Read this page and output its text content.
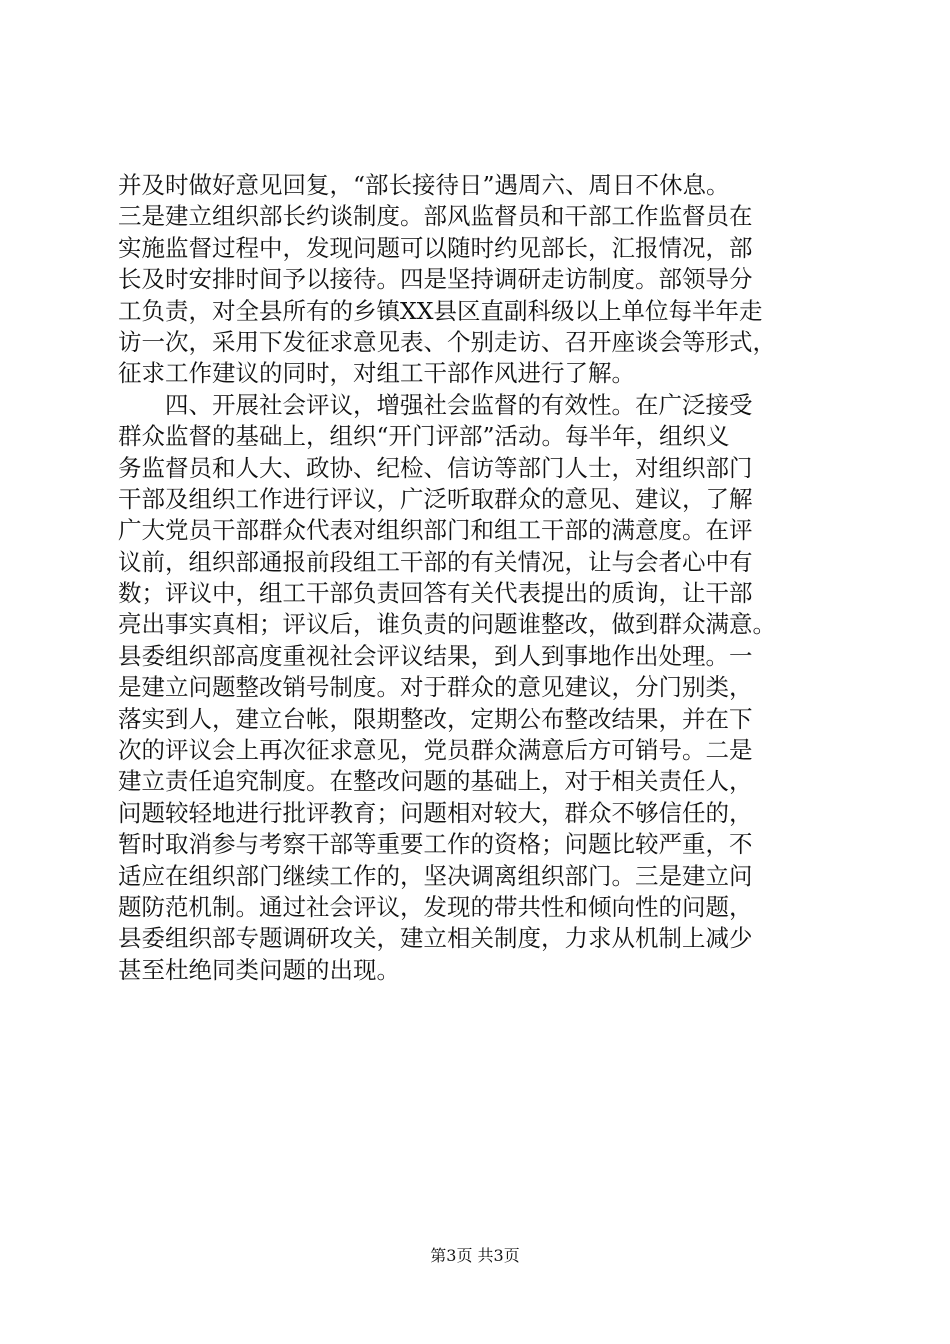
并及时做好意见回复，“部长接待日”遇周六、周日不休息。
三是建立组织部长约谈制度。部风监督员和干部工作监督员在
实施监督过程中，发现问题可以随时约见部长，汇报情况，部
长及时安排时间予以接待。四是坚持调研走访制度。部领导分
工负责，对全县所有的乡镇XX县区直副科级以上单位每半年走
访一次，采用下发征求意见表、个别走访、召开座谈会等形式，
征求工作建议的同时，对组工干部作风进行了解。
　　四、开展社会评议，增强社会监督的有效性。在广泛接受
群众监督的基础上，组织“开门评部”活动。每半年，组织义
务监督员和人大、政协、纪检、信访等部门人士，对组织部门
干部及组织工作进行评议，广泛听取群众的意见、建议，了解
广大党员干部群众代表对组织部门和组工干部的满意度。在评
议前，组织部通报前段组工干部的有关情况，让与会者心中有
数；评议中，组工干部负责回答有关代表提出的质询，让干部
亮出事实真相；评议后，谁负责的问题谁整改，做到群众满意。
县委组织部高度重视社会评议结果，到人到事地作出处理。一
是建立问题整改销号制度。对于群众的意见建议，分门别类，
落实到人，建立台帐，限期整改，定期公布整改结果，并在下
次的评议会上再次征求意见，党员群众满意后方可销号。二是
建立责任追究制度。在整改问题的基础上，对于相关责任人，
问题较轻地进行批评教育；问题相对较大，群众不够信任的，
暂时取消参与考察干部等重要工作的资格；问题比较严重，不
适应在组织部门继续工作的，坚决调离组织部门。三是建立问
题防范机制。通过社会评议，发现的带共性和倾向性的问题，
县委组织部专题调研攻关，建立相关制度，力求从机制上减少
甚至杜绝同类问题的出现。
第3页 共3页
